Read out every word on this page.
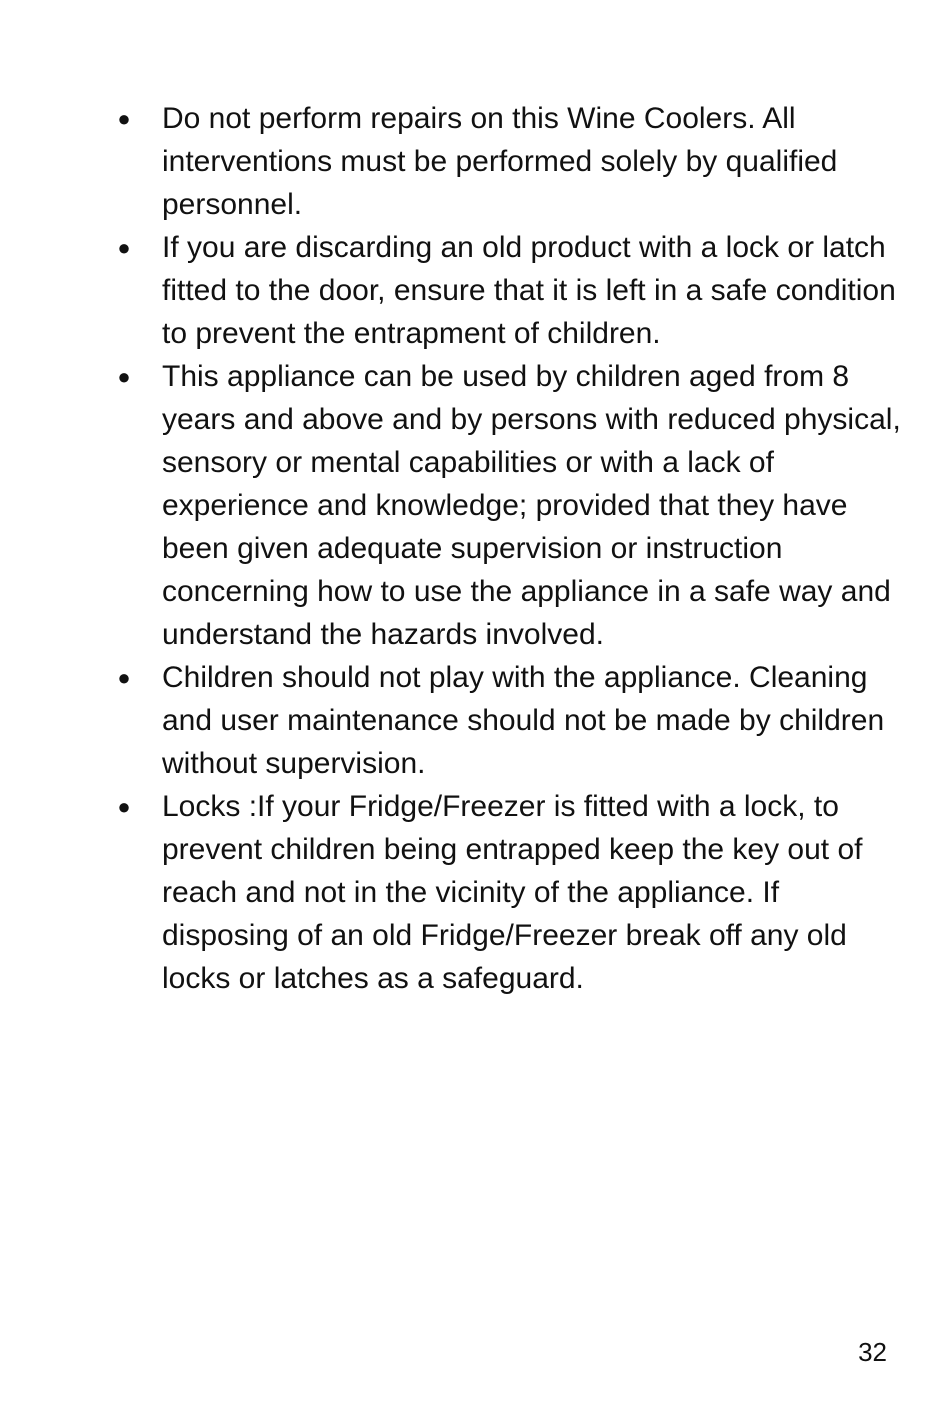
●
Do not perform repairs on this Wine Coolers. All interventions must be performed solely by qualified personnel.
●
If you are discarding an old product with a lock or latch fitted to the door, ensure that it is left in a safe condition to prevent the entrapment of children.
●
This appliance can be used by children aged from 8 years and above and by persons with reduced physical, sensory or mental capabilities or with a lack of experience and knowledge; provided that they have been given adequate supervision or instruction concerning how to use the appliance in a safe way and understand the hazards involved.
●
Children should not play with the appliance. Cleaning and user maintenance should not be made by children without supervision.
●
Locks :If your Fridge/Freezer is fitted with a lock, to prevent children being entrapped keep the key out of reach and not in the vicinity of the appliance. If disposing of an old Fridge/Freezer break off any old locks or latches as a safeguard.
32
